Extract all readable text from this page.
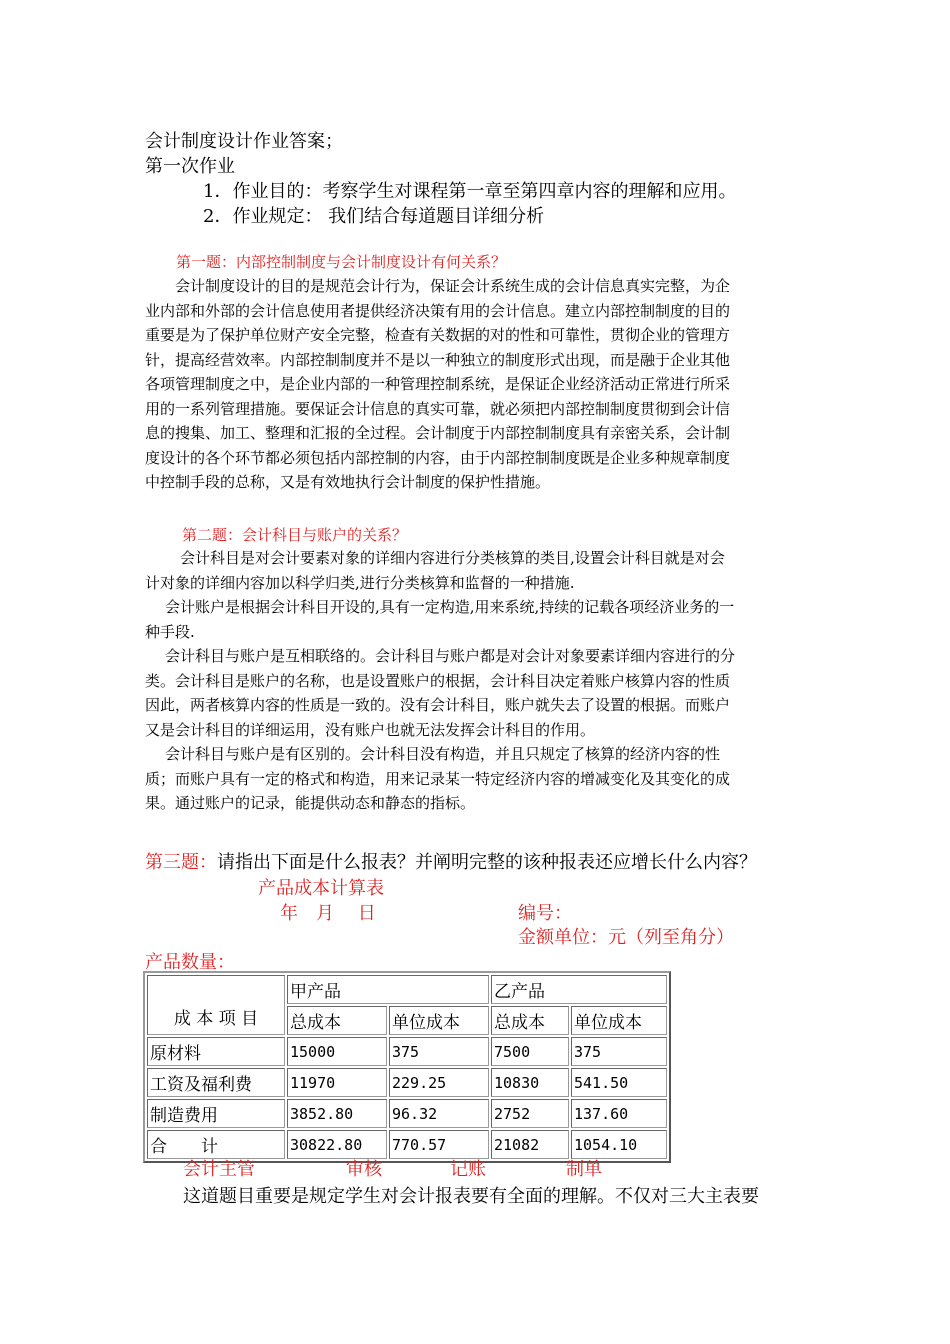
会计制度设计作业答案；
第一次作业
1．作业目的：考察学生对课程第一章至第四章内容的理解和应用。
2．作业规定： 我们结合每道题目详细分析
第一题：内部控制制度与会计制度设计有何关系？
　会计制度设计的目的是规范会计行为，保证会计系统生成的会计信息真实完整，为企
业内部和外部的会计信息使用者提供经济决策有用的会计信息。建立内部控制制度的目的
重要是为了保护单位财产安全完整，检查有关数据的对的性和可靠性，贯彻企业的管理方
针，提高经营效率。内部控制制度并不是以一种独立的制度形式出现，而是融于企业其他
各项管理制度之中，是企业内部的一种管理控制系统，是保证企业经济活动正常进行所采
用的一系列管理措施。要保证会计信息的真实可靠，就必须把内部控制制度贯彻到会计信
息的搜集、加工、整理和汇报的全过程。会计制度于内部控制制度具有亲密关系，会计制
度设计的各个环节都必须包括内部控制的内容，由于内部控制制度既是企业多种规章制度
中控制手段的总称，又是有效地执行会计制度的保护性措施。
第二题：会计科目与账户的关系？
　会计科目是对会计要素对象的详细内容进行分类核算的类目,设置会计科目就是对会
计对象的详细内容加以科学归类,进行分类核算和监督的一种措施.
会计账户是根据会计科目开设的,具有一定构造,用来系统,持续的记载各项经济业务的一
种手段.
会计科目与账户是互相联络的。会计科目与账户都是对会计对象要素详细内容进行的分
类。会计科目是账户的名称，也是设置账户的根据，会计科目决定着账户核算内容的性质
因此，两者核算内容的性质是一致的。没有会计科目，账户就失去了设置的根据。而账户
又是会计科目的详细运用，没有账户也就无法发挥会计科目的作用。
会计科目与账户是有区别的。会计科目没有构造，并且只规定了核算的经济内容的性
质；而账户具有一定的格式和构造，用来记录某一特定经济内容的增减变化及其变化的成
果。通过账户的记录，能提供动态和静态的指标。
第三题：请指出下面是什么报表？并阐明完整的该种报表还应增长什么内容？
产品成本计算表
年　月　 日	编号：
金额单位：元（列至角分）
产品数量：
成 本 项 目	甲产品		乙产品	
	总成本	单位成本	总成本	单位成本
原材料	15000	375	7500	375
工资及福利费	11970	229.25	10830	541.50
制造费用	3852.80	96.32	2752	137.60
合　　计	30822.80	770.57	21082	1054.10
会计主管	审核	记账	制单
这道题目重要是规定学生对会计报表要有全面的理解。不仅对三大主表要
